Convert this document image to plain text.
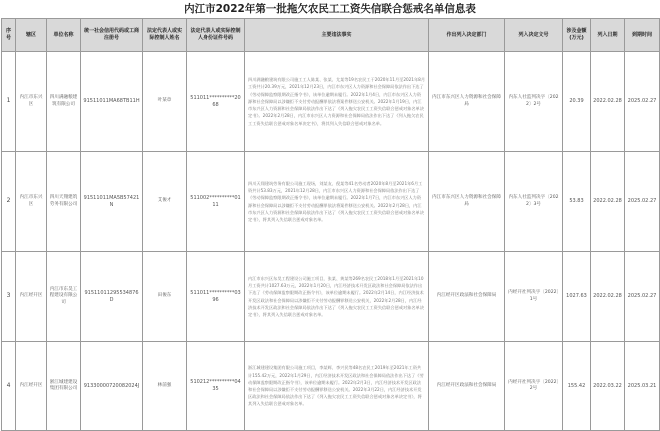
内江市2022年第一批拖欠农民工工资失信联合惩戒名单信息表
序号	辖区	单位名称	统一社会信用代码或工商注册号	法定代表人或实际控制人姓名	法定代表人或实际控制人身份证件号码	主要违法事实	作出列入决定部门	列入决定文号	涉及金额(万元)	列入日期	到期时间
1	内江市东兴区	四川满融粮建筑有限公司	91511011MA68TB11H	叶某章	511011**********2068	四川满融粮建筑有限公司施工工人陈某、张某、尤某等19名农民工于2020年11月至2021年8月工资共计20.39万元，2021年12月23日，内江市东兴区人力资源和社会保障局依法作出下达了《劳动保障监察限期改正指令书》，该单位逾期未履行。2022年1月4日，内江市东兴区人力资源和社会保障局以涉嫌拒不支付劳动报酬罪依法将案件移送公安机关。2022年1月19日，内江市东兴区人力资源和社会保障局依法作出下达了《列入拖欠农民工工资失信联合惩戒对象名单决定书》。2022年2月28日，内江市东兴区人力资源和社会保障局依法作出下达了《列入拖欠农民工工资失信联合惩戒对象名单决定书》，将其列入失信联合惩戒对象名单。	内江市东兴区人力资源和社会保障局	内东人社监列决字〔2022〕2号	20.39	2022.02.28	2025.02.27
2	内江市东兴区	四川天翔建筑劳务有限公司	91511011MA5B57421N	艾俊才	511002**********0111	四川天翔建筑劳务有限公司施工现场，刘某友、倪某等41名劳动者2020年8月至2021年6月工资共计53.83万元，2021年12月28日，内江市东兴区人力资源和社会保障局依法作出下达了《劳动保障监察限期改正指令书》，该单位逾期未履行。2022年1月7日，内江市东兴区人力资源和社会保障局以涉嫌拒不支付劳动报酬罪依法将案件移送公安机关。2022年2月28日，内江市东兴区人力资源和社会保障局依法作出下达了《列入拖欠农民工工资失信联合惩戒对象名单决定书》，将其列入失信联合惩戒对象名单。	内江市东兴区人力资源和社会保障局	内东人社监列决字〔2022〕3号	53.83	2022.02.28	2025.02.27
3	内江经开区	内江市东昊工程建设有限公司	91511011295534876D	田俊东	511011**********0396	内江市东兴区东昊工程建设公司施工项目，张某、黄某等269名农民工2018年1月至2021年10月工资共计1027.63万元，2022年1月20日，内江经济技术开发区政法和社会保障局依法作出下达了《劳动保障监察限期改正指令书》，该单位逾期未履行。2022年2月14日，内江经济技术开发区政法和社会保障局以涉嫌拒不支付劳动报酬罪移送公安机关，2022年2月28日，内江经济技术开发区政法和社会保障局依法作出下达了《列入拖欠农民工工资失信联合惩戒对象名单决定书》，将其列入失信联合惩戒对象名单。	内江经开区政法和社会保障局	内经开社列决字〔2022〕1号	1027.63	2022.02.28	2025.02.27
4	内江经开区	浙江城建建设集团有限公司	91330000720082024J	林前强	510212**********0435	浙江城建建设集团有限公司施工项目，李某辉、李兴民等48名农民工2019年至2021年工资共计155.42万元，2022年1月29日，内江经济技术开发区政法和社会保障局依法作出下达了《劳动保障监察限期改正指令书》，该单位逾期未履行。2022年2月3日，内江经济技术开发区政法和社会保障局以涉嫌拒不支付劳动报酬罪移送公安机关。2022年3月22日，内江经济技术开发区政法和社会保障局依法作出下达了《列入拖欠农民工工资失信联合惩戒对象名单决定书》，将其列入失信联合惩戒对象名单。	内江经开区政法和社会保障局	内经开社列决字〔2022〕2号	155.42	2022.03.22	2025.03.21
